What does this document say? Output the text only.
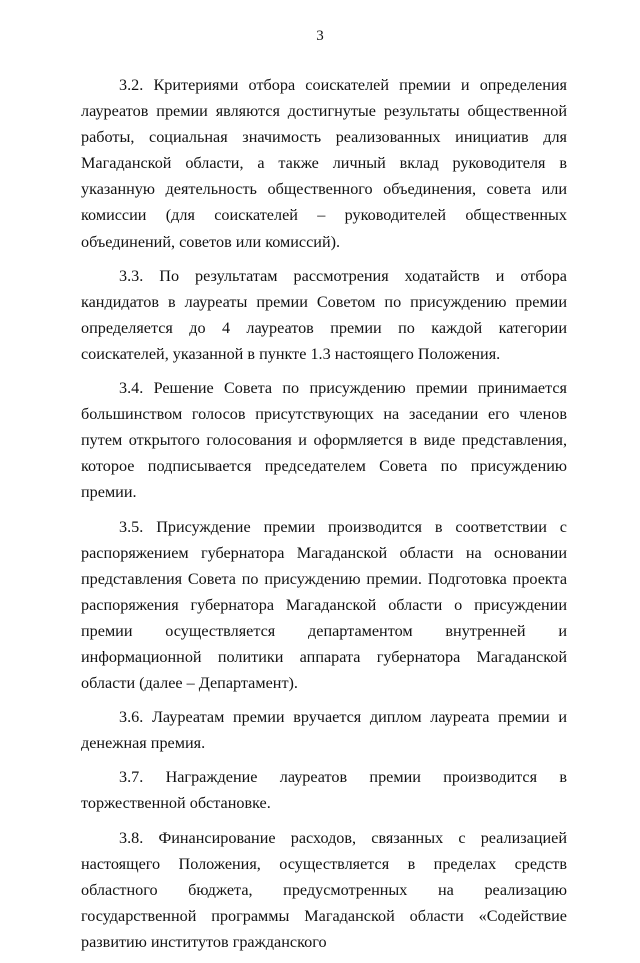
3

3.2. Критериями отбора соискателей премии и определения лауреатов премии являются достигнутые результаты общественной работы, социальная значимость реализованных инициатив для Магаданской области, а также личный вклад руководителя в указанную деятельность общественного объединения, совета или комиссии (для соискателей – руководителей общественных объединений, советов или комиссий).

3.3. По результатам рассмотрения ходатайств и отбора кандидатов в лауреаты премии Советом по присуждению премии определяется до 4 лауреатов премии по каждой категории соискателей, указанной в пункте 1.3 настоящего Положения.

3.4. Решение Совета по присуждению премии принимается большинством голосов присутствующих на заседании его членов путем открытого голосования и оформляется в виде представления, которое подписывается председателем Совета по присуждению премии.

3.5. Присуждение премии производится в соответствии с распоряжением губернатора Магаданской области на основании представления Совета по присуждению премии. Подготовка проекта распоряжения губернатора Магаданской области о присуждении премии осуществляется департаментом внутренней и информационной политики аппарата губернатора Магаданской области (далее – Департамент).

3.6. Лауреатам премии вручается диплом лауреата премии и денежная премия.

3.7. Награждение лауреатов премии производится в торжественной обстановке.

3.8. Финансирование расходов, связанных с реализацией настоящего Положения, осуществляется в пределах средств областного бюджета, предусмотренных на реализацию государственной программы Магаданской области «Содействие развитию институтов гражданского
